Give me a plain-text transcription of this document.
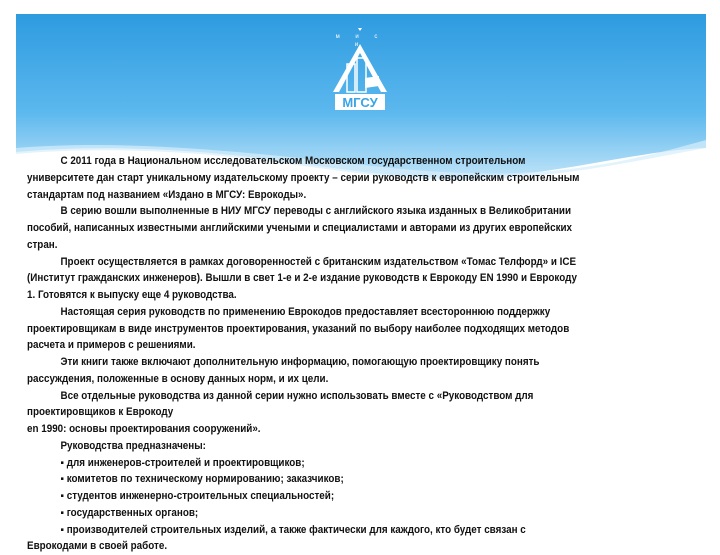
МГСУ
м и с и
С 2011 года в Национальном исследовательском Московском государственном строительном
университете дан старт уникальному издательскому проекту – серии руководств к европейским строительным
стандартам под названием «Издано в МГСУ: Еврокоды».
В серию вошли выполненные в НИУ МГСУ переводы с английского языка изданных в Великобритании
пособий, написанных известными английскими учеными и специалистами и авторами из других европейских
стран.
Проект осуществляется в рамках договоренностей с британским издательством «Томас Телфорд» и ICE
(Институт гражданских инженеров). Вышли в свет 1-е и 2-е издание руководств к Еврокоду EN 1990 и Еврокоду
1. Готовятся к выпуску еще 4 руководства.
Настоящая серия руководств по применению Еврокодов предоставляет всестороннюю поддержку
проектировщикам в виде инструментов проектирования, указаний по выбору наиболее подходящих методов
расчета и примеров с решениями.
Эти книги также включают дополнительную информацию, помогающую проектировщику понять
рассуждения, положенные в основу данных норм, и их цели.
Все отдельные руководства из данной серии нужно использовать вместе с «Руководством для
проектировщиков к Еврокоду
en 1990: основы проектирования сооружений».
Руководства предназначены:
▪ для инженеров-строителей и проектировщиков;
▪ комитетов по техническому нормированию; заказчиков;
▪ студентов инженерно-строительных специальностей;
▪ государственных органов;
▪ производителей строительных изделий, а также фактически для каждого, кто будет связан с
Еврокодами в своей работе.
